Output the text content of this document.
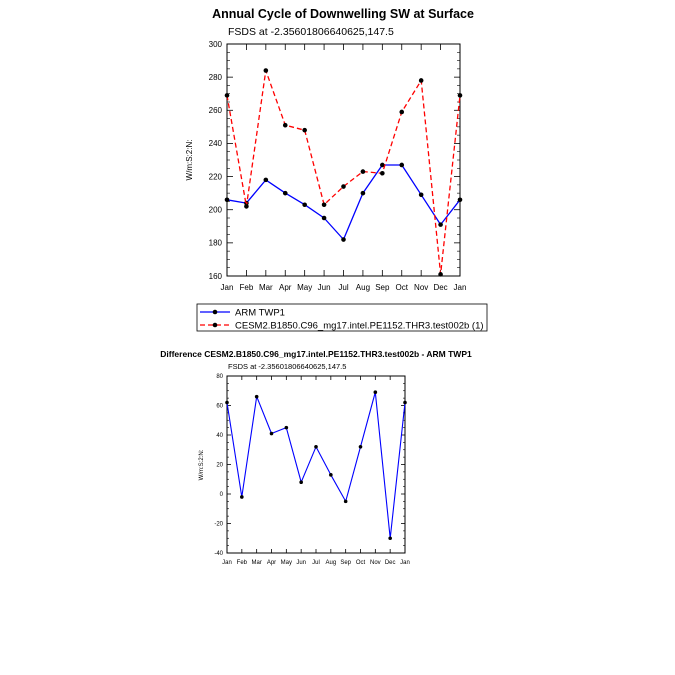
Annual Cycle of Downwelling SW at Surface
FSDS at -2.35601806640625,147.5
W/m:S:2:N:
ARM TWP1
CESM2.B1850.C96_mg17.intel.PE1152.THR3.test002b (1)
Difference CESM2.B1850.C96_mg17.intel.PE1152.THR3.test002b - ARM TWP1
FSDS at -2.35601806640625,147.5
W/m:S:2:N:
160
180
200
220
240
260
280
300
Jan Feb Mar Apr May Jun Jul Aug Sep Oct Nov Dec Jan
-40
-20
0
20
40
60
80
Jan Feb Mar Apr May Jun Jul Aug Sep Oct Nov Dec Jan
